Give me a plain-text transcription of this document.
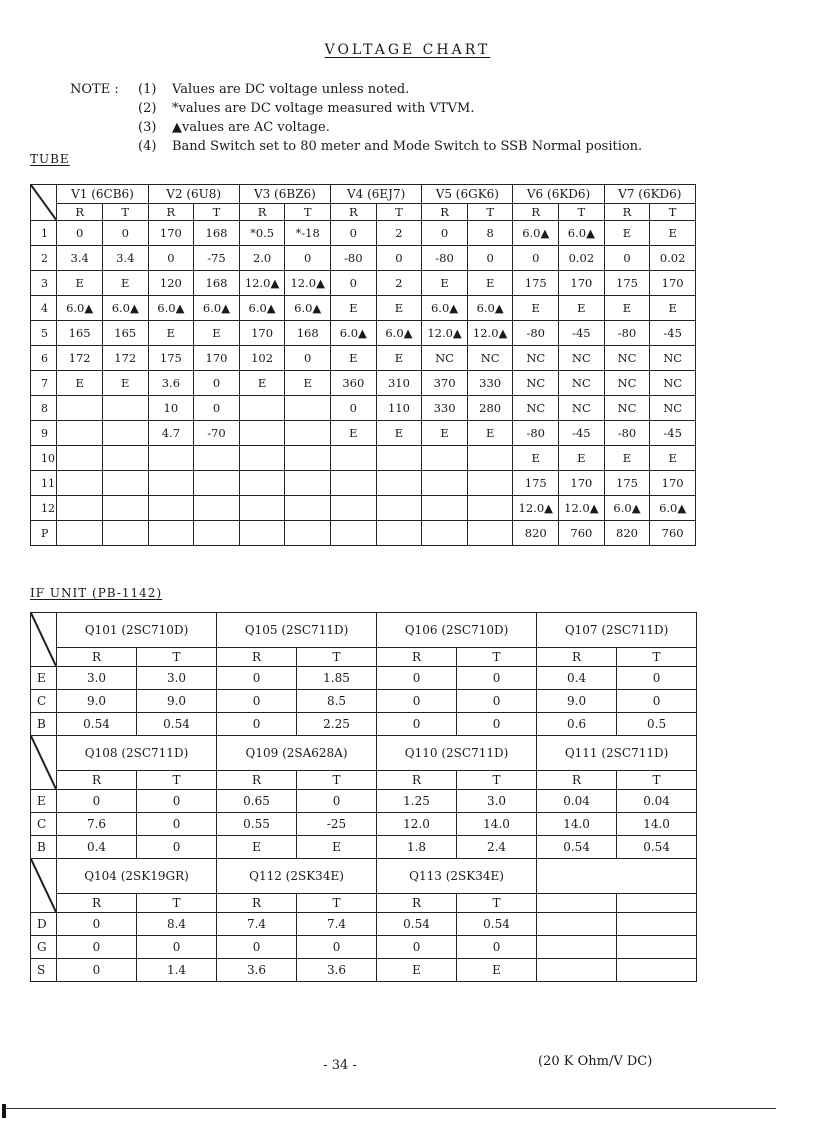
VOLTAGE CHART
NOTE :	(1)	Values are DC voltage unless noted.
(2)	*values are DC voltage measured with VTVM.
(3)	▲values are AC voltage.
(4)	Band Switch set to 80 meter and Mode Switch to SSB Normal position.
TUBE
	V1 (6CB6)		V2 (6U8)		V3 (6BZ6)		V4 (6EJ7)		V5 (6GK6)		V6 (6KD6)		V7 (6KD6)	
	R	T	R	T	R	T	R	T	R	T	R	T	R	T
1	0	0	170	168	*0.5	*-18	0	2	0	8	6.0▲	6.0▲	E	E
2	3.4	3.4	0	-75	2.0	0	-80	0	-80	0	0	0.02	0	0.02
3	E	E	120	168	12.0▲	12.0▲	0	2	E	E	175	170	175	170
4	6.0▲	6.0▲	6.0▲	6.0▲	6.0▲	6.0▲	E	E	6.0▲	6.0▲	E	E	E	E
5	165	165	E	E	170	168	6.0▲	6.0▲	12.0▲	12.0▲	-80	-45	-80	-45
6	172	172	175	170	102	0	E	E	NC	NC	NC	NC	NC	NC
7	E	E	3.6	0	E	E	360	310	370	330	NC	NC	NC	NC
8			10	0			0	110	330	280	NC	NC	NC	NC
9			4.7	-70			E	E	E	E	-80	-45	-80	-45
10											E	E	E	E
11											175	170	175	170
12											12.0▲	12.0▲	6.0▲	6.0▲
P											820	760	820	760
IF UNIT (PB-1142)
	Q101 (2SC710D)		Q105 (2SC711D)		Q106 (2SC710D)		Q107 (2SC711D)	
	R	T	R	T	R	T	R	T
E	3.0	3.0	0	1.85	0	0	0.4	0
C	9.0	9.0	0	8.5	0	0	9.0	0
B	0.54	0.54	0	2.25	0	0	0.6	0.5

	Q108 (2SC711D)		Q109 (2SA628A)		Q110 (2SC711D)		Q111 (2SC711D)	
	R	T	R	T	R	T	R	T
E	0	0	0.65	0	1.25	3.0	0.04	0.04
C	7.6	0	0.55	-25	12.0	14.0	14.0	14.0
B	0.4	0	E	E	1.8	2.4	0.54	0.54

	Q104 (2SK19GR)		Q112 (2SK34E)		Q113 (2SK34E)			
	R	T	R	T	R	T		
D	0	8.4	7.4	7.4	0.54	0.54		
G	0	0	0	0	0	0		
S	0	1.4	3.6	3.6	E	E		
- 34 -	(20 K Ohm/V DC)
